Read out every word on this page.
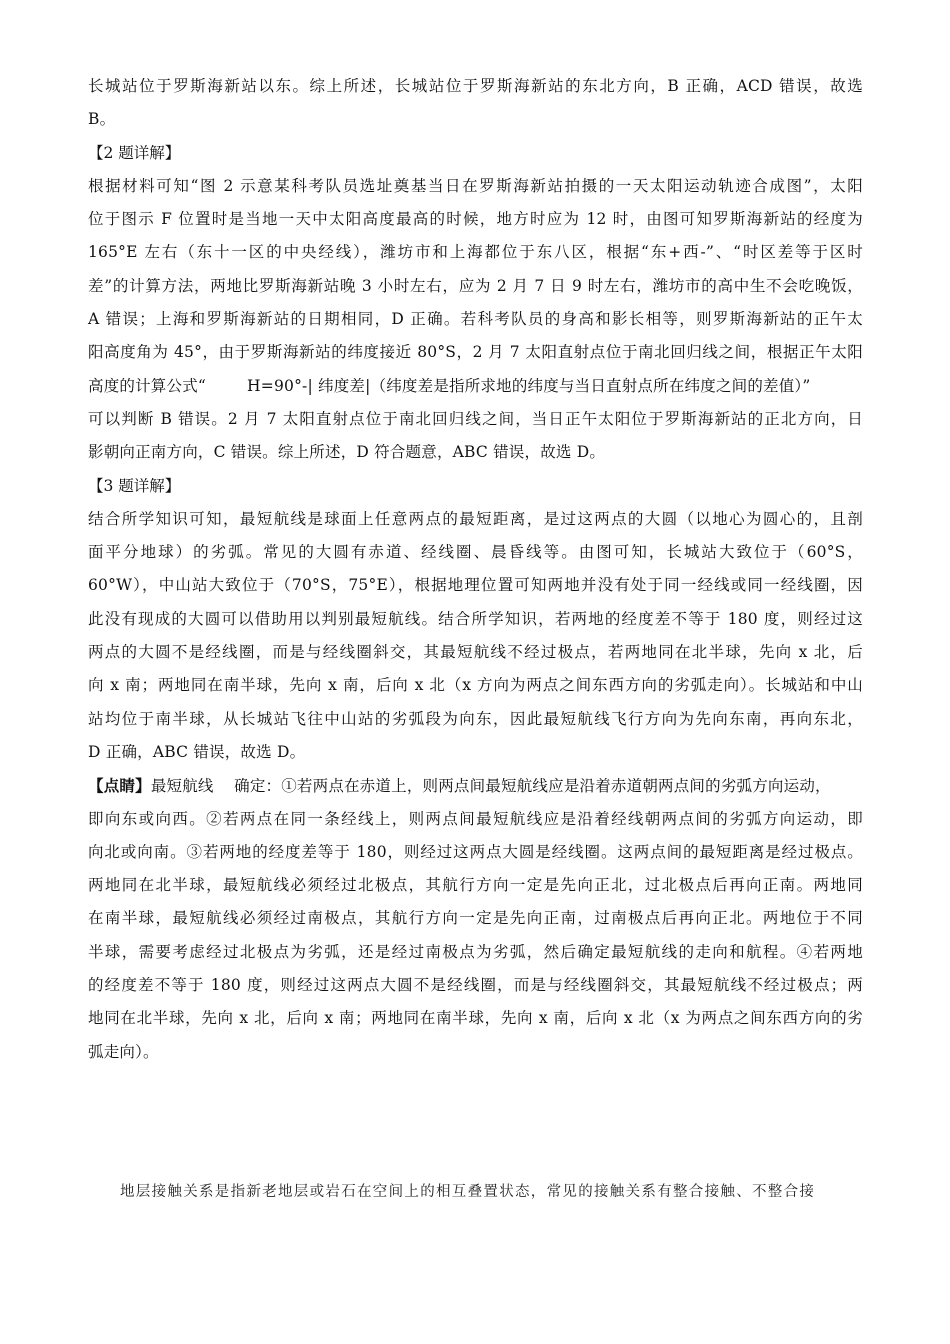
长城站位于罗斯海新站以东。综上所述，长城站位于罗斯海新站的东北方向，B 正确，ACD 错误，故选
B。
【2 题详解】
根据材料可知“图 2 示意某科考队员选址奠基当日在罗斯海新站拍摄的一天太阳运动轨迹合成图”，太阳
位于图示 F 位置时是当地一天中太阳高度最高的时候，地方时应为 12 时，由图可知罗斯海新站的经度为
165°E 左右（东十一区的中央经线），潍坊市和上海都位于东八区，根据“东+西-”、“时区差等于区时
差”的计算方法，两地比罗斯海新站晚 3 小时左右，应为 2 月 7 日 9 时左右，潍坊市的高中生不会吃晚饭，
A 错误；上海和罗斯海新站的日期相同，D 正确。若科考队员的身高和影长相等，则罗斯海新站的正午太
阳高度角为 45°，由于罗斯海新站的纬度接近 80°S，2 月 7 太阳直射点位于南北回归线之间，根据正午太阳
高度的计算公式“        H=90°-| 纬度差|（纬度差是指所求地的纬度与当日直射点所在纬度之间的差值）”
可以判断 B 错误。2 月 7 太阳直射点位于南北回归线之间，当日正午太阳位于罗斯海新站的正北方向，日
影朝向正南方向，C 错误。综上所述，D 符合题意，ABC 错误，故选 D。
【3 题详解】
结合所学知识可知，最短航线是球面上任意两点的最短距离，是过这两点的大圆（以地心为圆心的，且剖
面平分地球）的劣弧。常见的大圆有赤道、经线圈、晨昏线等。由图可知，长城站大致位于（60°S，
60°W），中山站大致位于（70°S，75°E），根据地理位置可知两地并没有处于同一经线或同一经线圈，因
此没有现成的大圆可以借助用以判别最短航线。结合所学知识，若两地的经度差不等于 180 度，则经过这
两点的大圆不是经线圈，而是与经线圈斜交，其最短航线不经过极点，若两地同在北半球，先向 x 北，后
向 x 南；两地同在南半球，先向 x 南，后向 x 北（x 方向为两点之间东西方向的劣弧走向）。长城站和中山
站均位于南半球，从长城站飞往中山站的劣弧段为向东，因此最短航线飞行方向为先向东南，再向东北，
D 正确，ABC 错误，故选 D。
【点睛】最短航线    确定：①若两点在赤道上，则两点间最短航线应是沿着赤道朝两点间的劣弧方向运动，
即向东或向西。②若两点在同一条经线上，则两点间最短航线应是沿着经线朝两点间的劣弧方向运动，即
向北或向南。③若两地的经度差等于 180，则经过这两点大圆是经线圈。这两点间的最短距离是经过极点。
两地同在北半球，最短航线必须经过北极点，其航行方向一定是先向正北，过北极点后再向正南。两地同
在南半球，最短航线必须经过南极点，其航行方向一定是先向正南，过南极点后再向正北。两地位于不同
半球，需要考虑经过北极点为劣弧，还是经过南极点为劣弧，然后确定最短航线的走向和航程。④若两地
的经度差不等于 180 度，则经过这两点大圆不是经线圈，而是与经线圈斜交，其最短航线不经过极点；两
地同在北半球，先向 x 北，后向 x 南；两地同在南半球，先向 x 南，后向 x 北（x 为两点之间东西方向的劣
弧走向）。
地层接触关系是指新老地层或岩石在空间上的相互叠置状态，常见的接触关系有整合接触、不整合接
